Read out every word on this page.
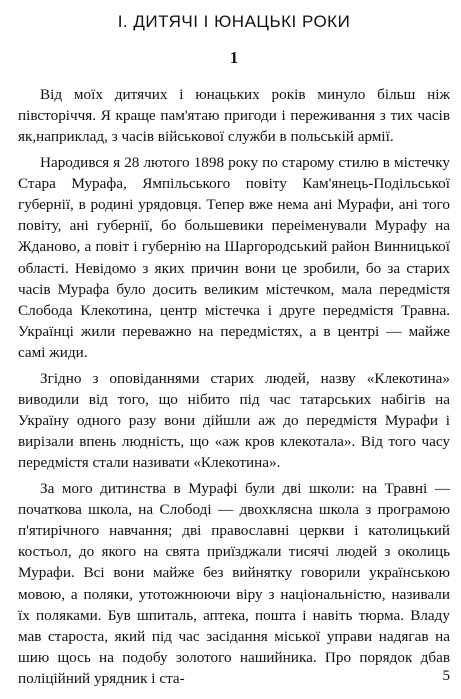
І. ДИТЯЧІ І ЮНАЦЬКІ РОКИ
1

Від моїх дитячих і юнацьких років минуло більш ніж півсторіччя. Я краще пам'ятаю пригоди і переживання з тих часів як,наприклад, з часів військової служби в польській армії.

Народився я 28 лютого 1898 року по старому стилю в містечку Стара Мурафа, Ямпільського повіту Кам'янець-Подільської губернії, в родині урядовця. Тепер вже нема ані Мурафи, ані того повіту, ані губернії, бо большевики переіменували Мурафу на Жданово, а повіт і губернію на Шаргородський район Винницької області. Невідомо з яких причин вони це зробили, бо за старих часів Мурафа було досить великим містечком, мала передмістя Слобода Клекотина, центр містечка і друге передмістя Травна. Українці жили переважно на передмістях, а в центрі — майже самі жиди.

Згідно з оповіданнями старих людей, назву «Клекотина» виводили від того, що нібито під час татарських набігів на Україну одного разу вони дійшли аж до передмістя Мурафи і вирізали впень людність, що «аж кров клекотала». Від того часу передмістя стали називати «Клекотина».

За мого дитинства в Мурафі були дві школи: на Травні — початкова школа, на Слободі — двохклясна школа з програмою п'ятирічного навчання; дві православні церкви і католицький костьол, до якого на свята приїзджали тисячі людей з околиць Мурафи. Всі вони майже без вийнятку говорили українською мовою, а поляки, утотожнюючи віру з національністю, називали їх поляками. Був шпиталь, аптека, пошта і навіть тюрма. Владу мав староста, який під час засідання міської управи надягав на шию щось на подобу золотого нашийника. Про порядок дбав поліційний урядник і ста-	5
